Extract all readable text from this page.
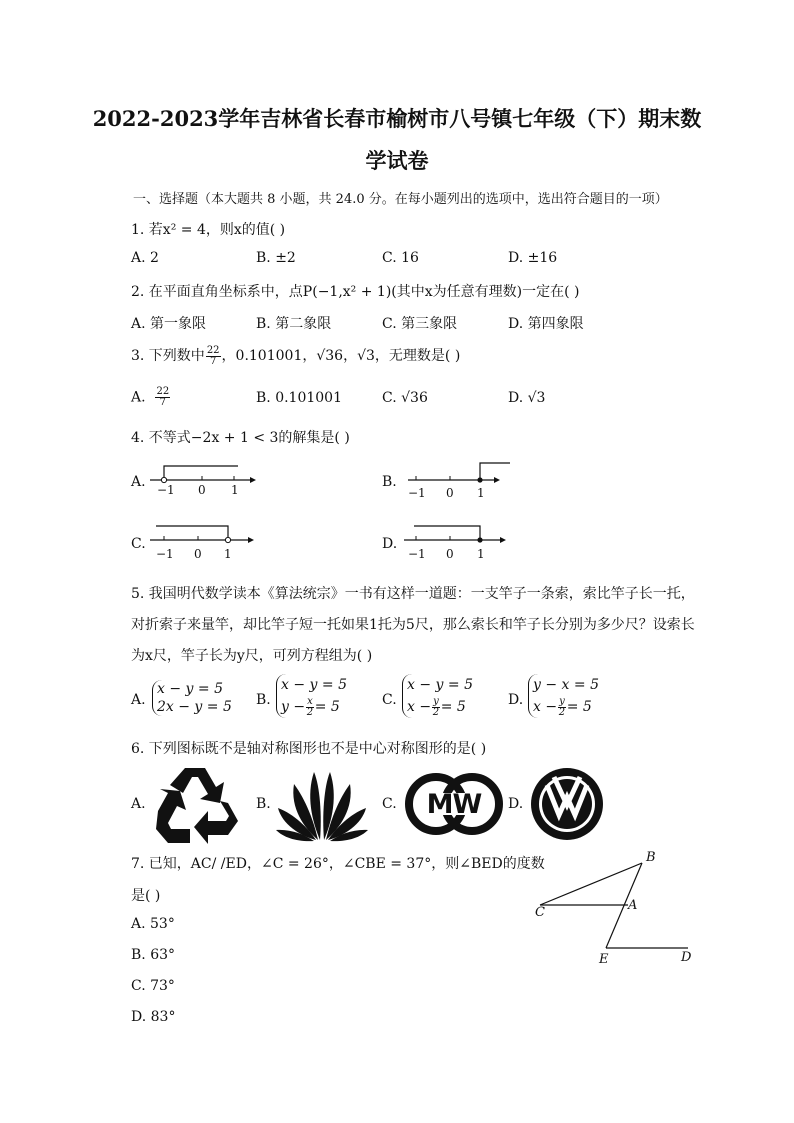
2022-2023学年吉林省长春市榆树市八号镇七年级（下）期末数
学试卷
一、选择题（本大题共 8 小题，共 24.0 分。在每小题列出的选项中，选出符合题目的一项）
1. 若x² = 4，则x的值( )
A. 2	B. ±2	C. 16	D. ±16
2. 在平面直角坐标系中，点P(−1,x² + 1)(其中x为任意有理数)一定在( )
A. 第一象限	B. 第二象限	C. 第三象限	D. 第四象限
3. 下列数中 $\frac{22}{7}$ ，0.101001，√36，√3，无理数是( )
A. $\frac{22}{7}$	B. 0.101001	C. √36	D. √3
4. 不等式−2x + 1 < 3的解集是( )
A. −1 0 1	B.
−1 0 1
C.
−1 0 1
D.
−1 0 1
5. 我国明代数学读本《算法统宗》一书有这样一道题：一支竿子一条索，索比竿子长一托，
对折索子来量竿，却比竿子短一托如果1托为5尺，那么索长和竿子长分别为多少尺？设索长
为x尺，竿子长为y尺，可列方程组为( )
A.
x − y = 5
2x − y = 5 B.
x − y = 5
$y - \frac{x}{2} = 5$	C.
x − y = 5
$x - \frac{y}{2} = 5$	D.
y − x = 5
$x - \frac{y}{2} = 5$
6. 下列图标既不是轴对称图形也不是中心对称图形的是( )
A.	B.	C.	MW	D.
7. 已知，AC/ /ED，∠C = 26°，∠CBE = 37°，则∠BED的度数
是( )
A. 53°
B. 63°
C. 73°
D. 83°
B
C	A
E	D
